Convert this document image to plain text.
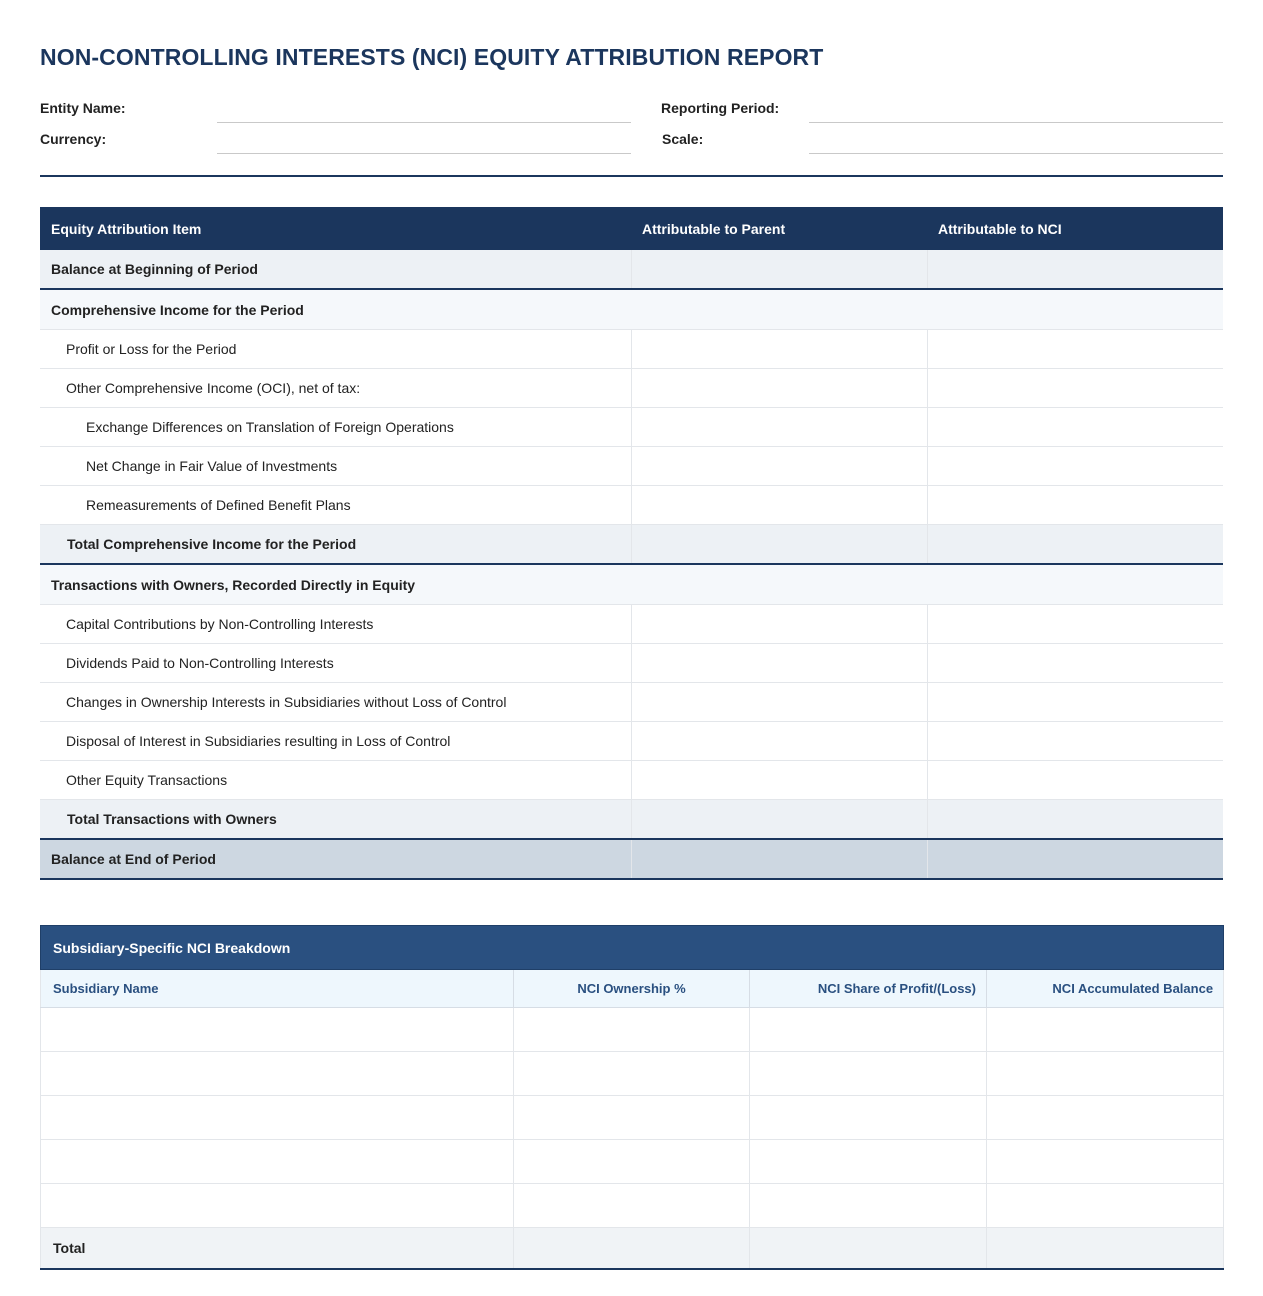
NON-CONTROLLING INTERESTS (NCI) EQUITY ATTRIBUTION REPORT
Entity Name:	Reporting Period:
Currency:	Scale:
Equity Attribution Item	Attributable to Parent	Attributable to NCI
Balance at Beginning of Period		
Comprehensive Income for the Period		
Profit or Loss for the Period		
Other Comprehensive Income (OCI), net of tax:		
Exchange Differences on Translation of Foreign Operations		
Net Change in Fair Value of Investments		
Remeasurements of Defined Benefit Plans		
Total Comprehensive Income for the Period		
Transactions with Owners, Recorded Directly in Equity		
Capital Contributions by Non-Controlling Interests		
Dividends Paid to Non-Controlling Interests		
Changes in Ownership Interests in Subsidiaries without Loss of Control		
Disposal of Interest in Subsidiaries resulting in Loss of Control		
Other Equity Transactions		
Total Transactions with Owners		
Balance at End of Period		
Subsidiary-Specific NCI Breakdown			
Subsidiary Name	NCI Ownership %	NCI Share of Profit/(Loss)	NCI Accumulated Balance

Total			
